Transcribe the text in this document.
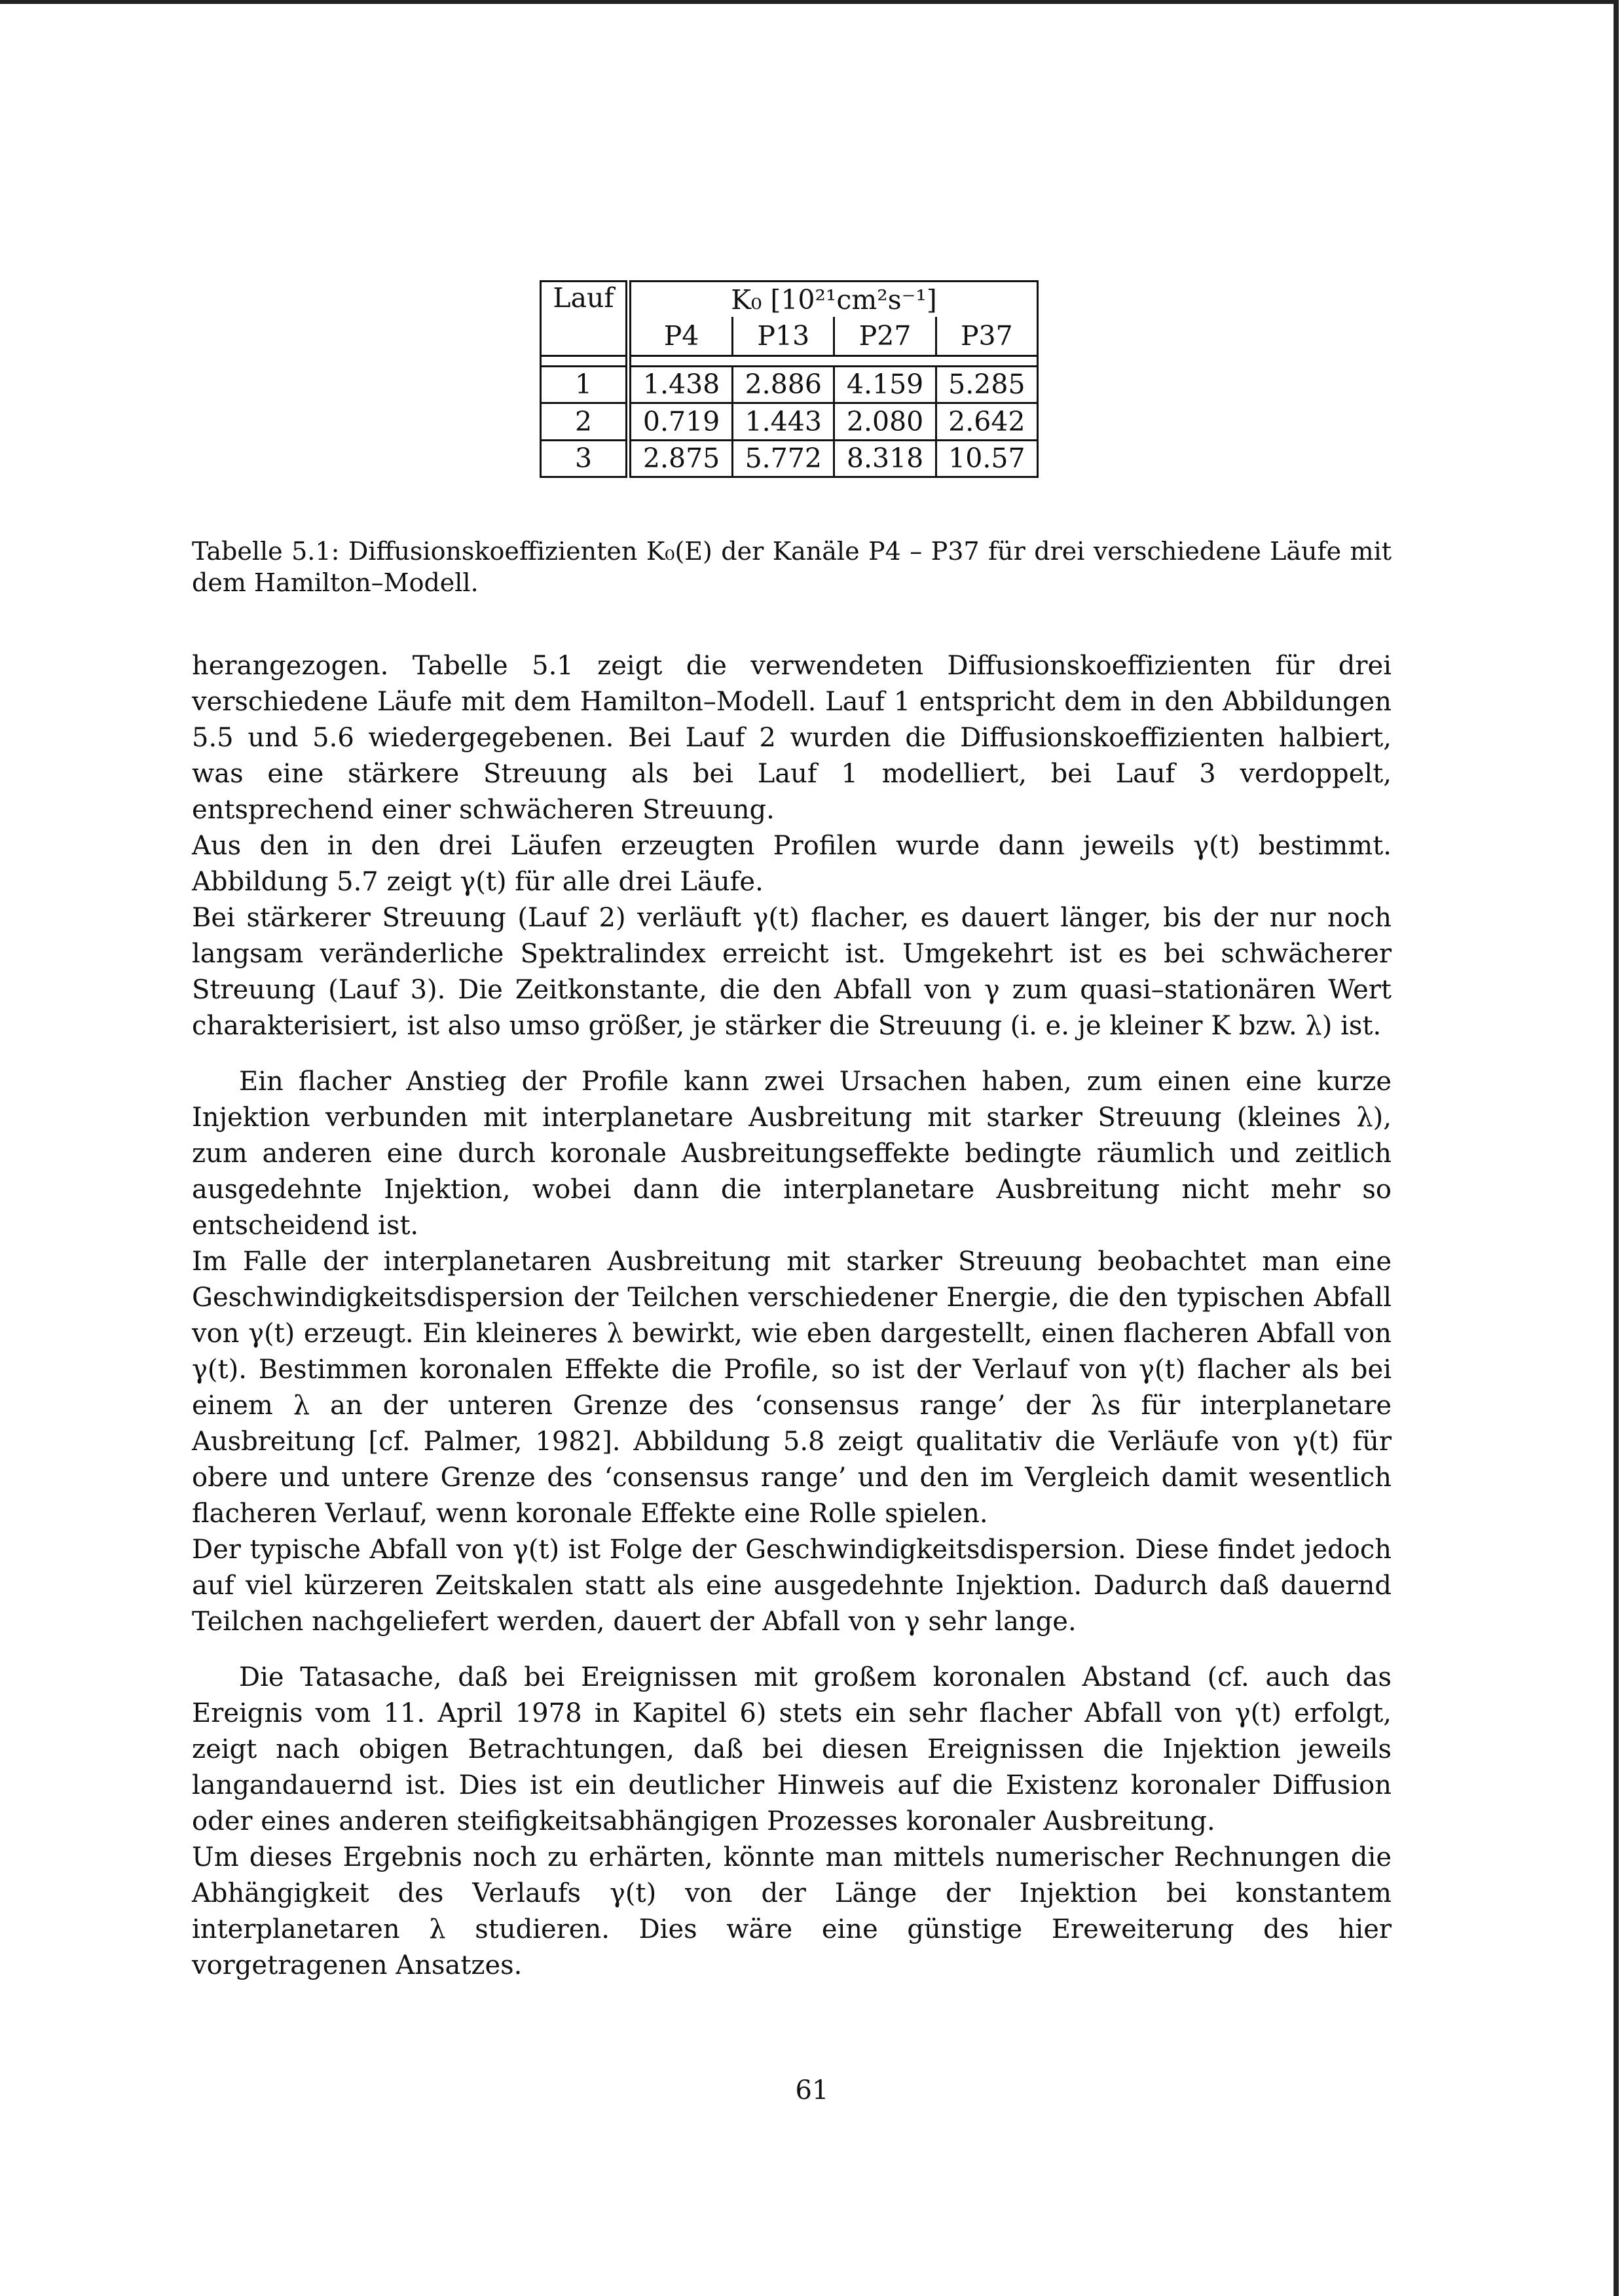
Lauf	K₀ [10²¹cm²s⁻¹]			
	P4	P13	P27	P37

1	1.438	2.886	4.159	5.285
2	0.719	1.443	2.080	2.642
3	2.875	5.772	8.318	10.57
Tabelle 5.1: Diffusionskoeffizienten K₀(E) der Kanäle P4 – P37 für drei verschiedene Läufe mit dem Hamilton–Modell.

herangezogen. Tabelle 5.1 zeigt die verwendeten Diffusionskoeffizienten für drei verschiedene Läufe mit dem Hamilton–Modell. Lauf 1 entspricht dem in den Abbildungen 5.5 und 5.6 wiedergegebenen. Bei Lauf 2 wurden die Diffusionskoeffizienten halbiert, was eine stärkere Streuung als bei Lauf 1 modelliert, bei Lauf 3 verdoppelt, entsprechend einer schwächeren Streuung.

Aus den in den drei Läufen erzeugten Profilen wurde dann jeweils γ(t) bestimmt. Abbildung 5.7 zeigt γ(t) für alle drei Läufe.

Bei stärkerer Streuung (Lauf 2) verläuft γ(t) flacher, es dauert länger, bis der nur noch langsam veränderliche Spektralindex erreicht ist. Umgekehrt ist es bei schwächerer Streuung (Lauf 3). Die Zeitkonstante, die den Abfall von γ zum quasi–stationären Wert charakterisiert, ist also umso größer, je stärker die Streuung (i. e. je kleiner K bzw. λ) ist.

Ein flacher Anstieg der Profile kann zwei Ursachen haben, zum einen eine kurze Injektion verbunden mit interplanetare Ausbreitung mit starker Streuung (kleines λ), zum anderen eine durch koronale Ausbreitungseffekte bedingte räumlich und zeitlich ausgedehnte Injektion, wobei dann die interplanetare Ausbreitung nicht mehr so entscheidend ist.

Im Falle der interplanetaren Ausbreitung mit starker Streuung beobachtet man eine Geschwindigkeitsdispersion der Teilchen verschiedener Energie, die den typischen Abfall von γ(t) erzeugt. Ein kleineres λ bewirkt, wie eben dargestellt, einen flacheren Abfall von γ(t). Bestimmen koronalen Effekte die Profile, so ist der Verlauf von γ(t) flacher als bei einem λ an der unteren Grenze des ‘consensus range’ der λs für interplanetare Ausbreitung [cf. Palmer, 1982]. Abbildung 5.8 zeigt qualitativ die Verläufe von γ(t) für obere und untere Grenze des ‘consensus range’ und den im Vergleich damit wesentlich flacheren Verlauf, wenn koronale Effekte eine Rolle spielen.

Der typische Abfall von γ(t) ist Folge der Geschwindigkeitsdispersion. Diese findet jedoch auf viel kürzeren Zeitskalen statt als eine ausgedehnte Injektion. Dadurch daß dauernd Teilchen nachgeliefert werden, dauert der Abfall von γ sehr lange.

Die Tatasache, daß bei Ereignissen mit großem koronalen Abstand (cf. auch das Ereignis vom 11. April 1978 in Kapitel 6) stets ein sehr flacher Abfall von γ(t) erfolgt, zeigt nach obigen Betrachtungen, daß bei diesen Ereignissen die Injektion jeweils langandauernd ist. Dies ist ein deutlicher Hinweis auf die Existenz koronaler Diffusion oder eines anderen steifigkeitsabhängigen Prozesses koronaler Ausbreitung.

Um dieses Ergebnis noch zu erhärten, könnte man mittels numerischer Rechnungen die Abhängigkeit des Verlaufs γ(t) von der Länge der Injektion bei konstantem interplanetaren λ studieren. Dies wäre eine günstige Ereweiterung des hier vorgetragenen Ansatzes.

61
